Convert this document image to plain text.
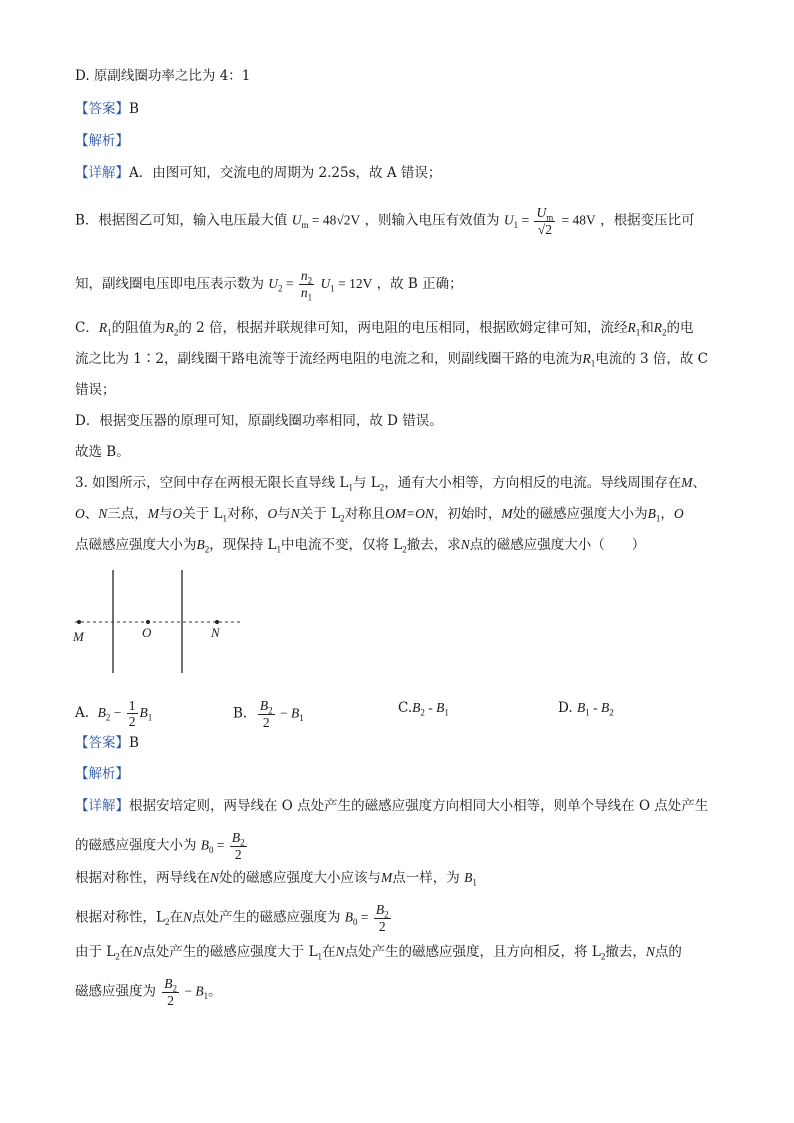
D. 原副线圈功率之比为 4：1
【答案】B
【解析】
【详解】A．由图可知，交流电的周期为 2.25s，故 A 错误；
B．根据图乙可知，输入电压最大值 $U_m = 48√2V$ ，则输入电压有效值为 $U_1 = \frac{U_m}{√2} = 48V$ ，根据变压比可
知，副线圈电压即电压表示数为 $U_2 = \frac{n_2}{n_1} U_1 = 12V$ ，故 B 正确；
C．$R_1$的阻值为$R_2$的 2 倍，根据并联规律可知，两电阻的电压相同，根据欧姆定律可知，流经$R_1$和$R_2$的电
流之比为 1∶2，副线圈干路电流等于流经两电阻的电流之和，则副线圈干路的电流为$R_1$电流的 3 倍，故 C
错误；
D．根据变压器的原理可知，原副线圈功率相同，故 D 错误。
故选 B。
3. 如图所示，空间中存在两根无限长直导线 $L_1$与 $L_2$，通有大小相等，方向相反的电流。导线周围存在M、
O、N三点，M与O关于 $L_1$对称，O与N关于 $L_2$对称且OM=ON，初始时，M处的磁感应强度大小为$B_1$，O
点磁感应强度大小为$B_2$，现保持 $L_1$中电流不变，仅将 $L_2$撤去，求N点的磁感应强度大小（　　）
M	O	N
A. $B_2 - \frac{1}{2} B_1$	B. $\frac{B_2}{2} - B_1$
$C.B_2 - B_1$	D. $B_1 - B_2$
【答案】B
【解析】
【详解】根据安培定则，两导线在 O 点处产生的磁感应强度方向相同大小相等，则单个导线在 O 点处产生
的磁感应强度大小为 $B_0 = \frac{B_2}{2}$
根据对称性，两导线在N处的磁感应强度大小应该与M点一样，为 $B_1$
根据对称性，$L_2$在N点处产生的磁感应强度为 $B_0 = \frac{B_2}{2}$
由于 $L_2$在N点处产生的磁感应强度大于 $L_1$在N点处产生的磁感应强度，且方向相反，将 $L_2$撤去，N点的
磁感应强度为 $\frac{B_2}{2} - B_1$。
